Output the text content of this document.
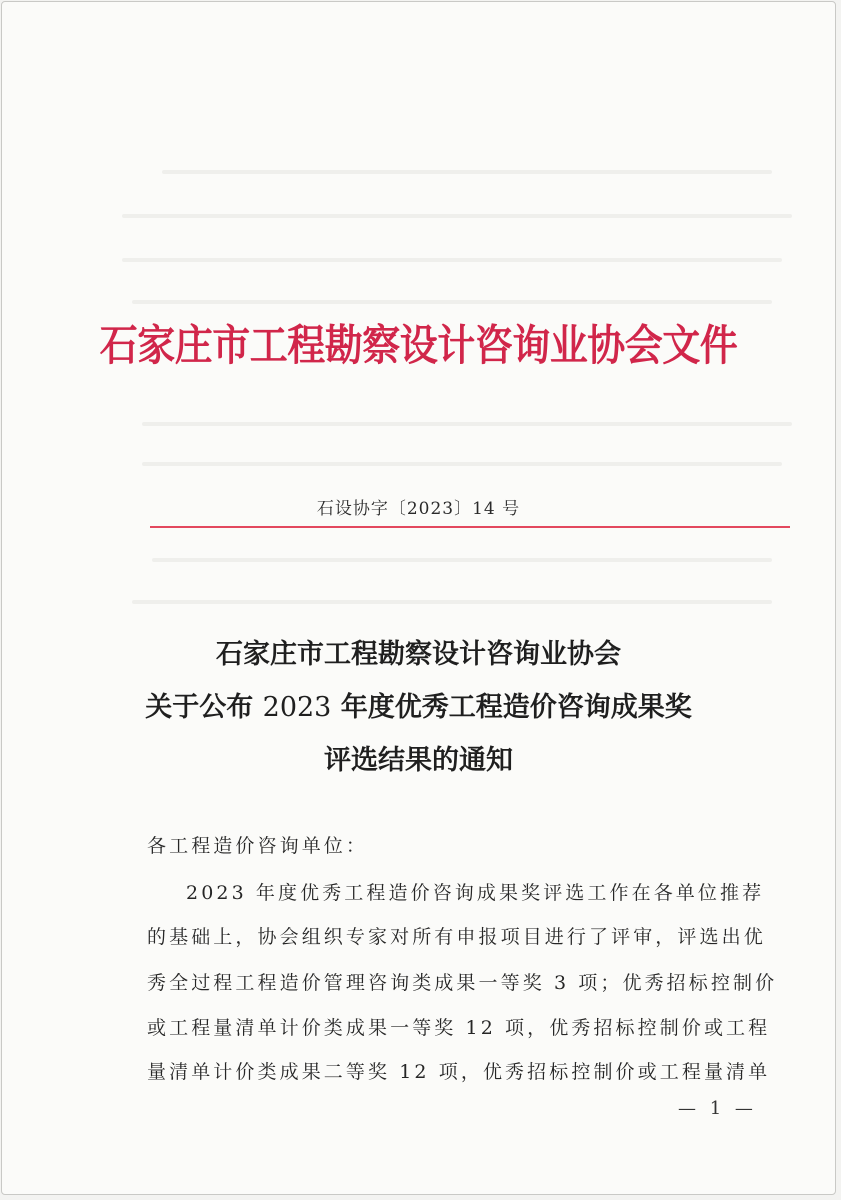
石家庄市工程勘察设计咨询业协会文件
石设协字〔2023〕14 号
石家庄市工程勘察设计咨询业协会
关于公布 2023 年度优秀工程造价咨询成果奖
评选结果的通知
各工程造价咨询单位：
2023 年度优秀工程造价咨询成果奖评选工作在各单位推荐
的基础上，协会组织专家对所有申报项目进行了评审，评选出优
秀全过程工程造价管理咨询类成果一等奖 3 项；优秀招标控制价
或工程量清单计价类成果一等奖 12 项，优秀招标控制价或工程
量清单计价类成果二等奖 12 项，优秀招标控制价或工程量清单
— 1 —
